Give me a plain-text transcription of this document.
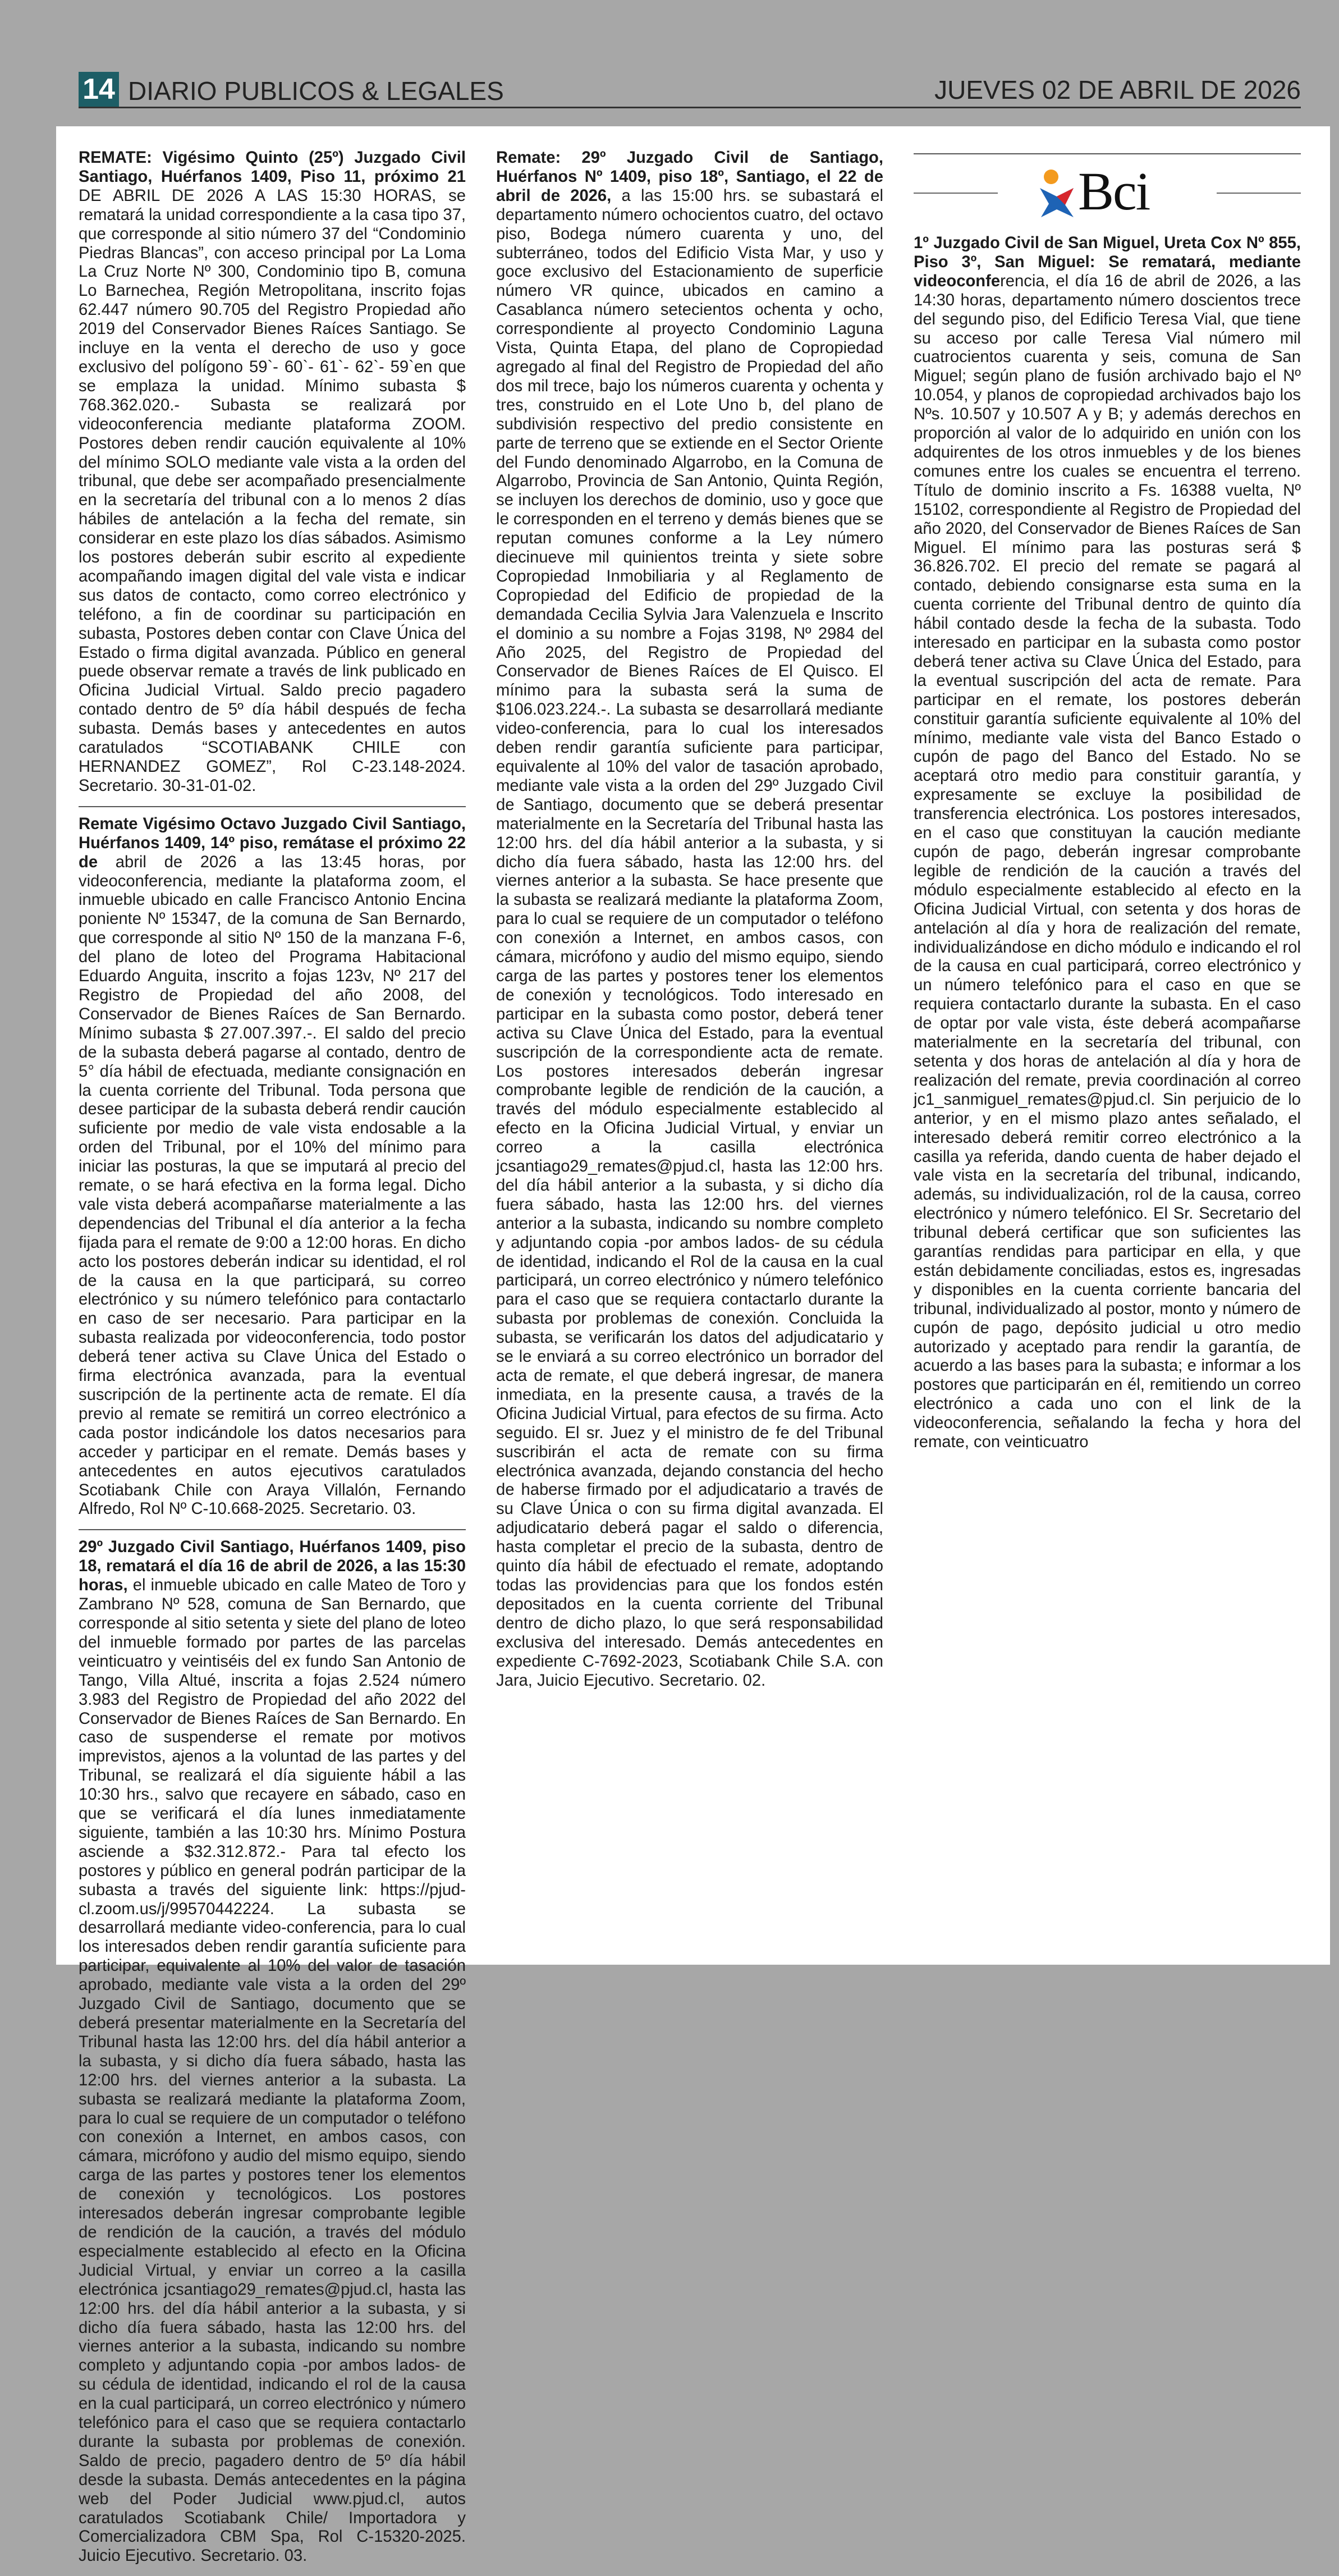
14 DIARIO PUBLICOS & LEGALES	JUEVES 02 DE ABRIL DE 2026

REMATE: Vigésimo Quinto (25º) Juzgado Civil Santiago, Huérfanos 1409, Piso 11, próximo 21 DE ABRIL DE 2026 A LAS 15:30 HORAS, se rematará la unidad correspondiente a la casa tipo 37, que corresponde al sitio número 37 del “Condominio Piedras Blancas”, con acceso principal por La Loma La Cruz Norte Nº 300, Condominio tipo B, comuna Lo Barnechea, Región Metropolitana, inscrito fojas 62.447 número 90.705 del Registro Propiedad año 2019 del Conservador Bienes Raíces Santiago. Se incluye en la venta el derecho de uso y goce exclusivo del polígono 59`- 60`- 61`- 62`- 59`en que se emplaza la unidad. Mínimo subasta $ 768.362.020.- Subasta se realizará por videoconferencia mediante plataforma ZOOM. Postores deben rendir caución equivalente al 10% del mínimo SOLO mediante vale vista a la orden del tribunal, que debe ser acompañado presencialmente en la secretaría del tribunal con a lo menos 2 días hábiles de antelación a la fecha del remate, sin considerar en este plazo los días sábados. Asimismo los postores deberán subir escrito al expediente acompañando imagen digital del vale vista e indicar sus datos de contacto, como correo electrónico y teléfono, a fin de coordinar su participación en subasta, Postores deben contar con Clave Única del Estado o firma digital avanzada. Público en general puede observar remate a través de link publicado en Oficina Judicial Virtual. Saldo precio pagadero contado dentro de 5º día hábil después de fecha subasta. Demás bases y antecedentes en autos caratulados “SCOTIABANK CHILE con HERNANDEZ GOMEZ”, Rol C-23.148-2024. Secretario. 30-31-01-02.

Remate Vigésimo Octavo Juzgado Civil Santiago, Huérfanos 1409, 14º piso, remátase el próximo 22 de abril de 2026 a las 13:45 horas, por videoconferencia, mediante la plataforma zoom, el inmueble ubicado en calle Francisco Antonio Encina poniente Nº 15347, de la comuna de San Bernardo, que corresponde al sitio Nº 150 de la manzana F-6, del plano de loteo del Programa Habitacional Eduardo Anguita, inscrito a fojas 123v, Nº 217 del Registro de Propiedad del año 2008, del Conservador de Bienes Raíces de San Bernardo. Mínimo subasta $ 27.007.397.-. El saldo del precio de la subasta deberá pagarse al contado, dentro de 5° día hábil de efectuada, mediante consignación en la cuenta corriente del Tribunal. Toda persona que desee participar de la subasta deberá rendir caución suficiente por medio de vale vista endosable a la orden del Tribunal, por el 10% del mínimo para iniciar las posturas, la que se imputará al precio del remate, o se hará efectiva en la forma legal. Dicho vale vista deberá acompañarse materialmente a las dependencias del Tribunal el día anterior a la fecha fijada para el remate de 9:00 a 12:00 horas. En dicho acto los postores deberán indicar su identidad, el rol de la causa en la que participará, su correo electrónico y su número telefónico para contactarlo en caso de ser necesario. Para participar en la subasta realizada por videoconferencia, todo postor deberá tener activa su Clave Única del Estado o firma electrónica avanzada, para la eventual suscripción de la pertinente acta de remate. El día previo al remate se remitirá un correo electrónico a cada postor indicándole los datos necesarios para acceder y participar en el remate. Demás bases y antecedentes en autos ejecutivos caratulados Scotiabank Chile con Araya Villalón, Fernando Alfredo, Rol Nº C-10.668-2025. Secretario. 03.

29º Juzgado Civil Santiago, Huérfanos 1409, piso 18, rematará el día 16 de abril de 2026, a las 15:30 horas, el inmueble ubicado en calle Mateo de Toro y Zambrano Nº 528, comuna de San Bernardo, que corresponde al sitio setenta y siete del plano de loteo del inmueble formado por partes de las parcelas veinticuatro y veintiséis del ex fundo San Antonio de Tango, Villa Altué, inscrita a fojas 2.524 número 3.983 del Registro de Propiedad del año 2022 del Conservador de Bienes Raíces de San Bernardo. En caso de suspenderse el remate por motivos imprevistos, ajenos a la voluntad de las partes y del Tribunal, se realizará el día siguiente hábil a las 10:30 hrs., salvo que recayere en sábado, caso en que se verificará el día lunes inmediatamente siguiente, también a las 10:30 hrs. Mínimo Postura asciende a $32.312.872.- Para tal efecto los postores y público en general podrán participar de la subasta a través del siguiente link: https://pjud-cl.zoom.us/j/99570442224. La subasta se desarrollará mediante video-conferencia, para lo cual los interesados deben rendir garantía suficiente para participar, equivalente al 10% del valor de tasación aprobado, mediante vale vista a la orden del 29º Juzgado Civil de Santiago, documento que se deberá presentar materialmente en la Secretaría del Tribunal hasta las 12:00 hrs. del día hábil anterior a la subasta, y si dicho día fuera sábado, hasta las 12:00 hrs. del viernes anterior a la subasta. La subasta se realizará mediante la plataforma Zoom, para lo cual se requiere de un computador o teléfono con conexión a Internet, en ambos casos, con cámara, micrófono y audio del mismo equipo, siendo carga de las partes y postores tener los elementos de conexión y tecnológicos. Los postores interesados deberán ingresar comprobante legible de rendición de la caución, a través del módulo especialmente establecido al efecto en la Oficina Judicial Virtual, y enviar un correo a la casilla electrónica jcsantiago29_remates@pjud.cl, hasta las 12:00 hrs. del día hábil anterior a la subasta, y si dicho día fuera sábado, hasta las 12:00 hrs. del viernes anterior a la subasta, indicando su nombre completo y adjuntando copia -por ambos lados- de su cédula de identidad, indicando el rol de la causa en la cual participará, un correo electrónico y número telefónico para el caso que se requiera contactarlo durante la subasta por problemas de conexión. Saldo de precio, pagadero dentro de 5º día hábil desde la subasta. Demás antecedentes en la página web del Poder Judicial www.pjud.cl, autos caratulados Scotiabank Chile/ Importadora y Comercializadora CBM Spa, Rol C-15320-2025. Juicio Ejecutivo. Secretario. 03.

Remate: 29º Juzgado Civil de Santiago, Huérfanos Nº 1409, piso 18º, Santiago, el 22 de abril de 2026, a las 15:00 hrs. se subastará el departamento número ochocientos cuatro, del octavo piso, Bodega número cuarenta y uno, del subterráneo, todos del Edificio Vista Mar, y uso y goce exclusivo del Estacionamiento de superficie número VR quince, ubicados en camino a Casablanca número setecientos ochenta y ocho, correspondiente al proyecto Condominio Laguna Vista, Quinta Etapa, del plano de Copropiedad agregado al final del Registro de Propiedad del año dos mil trece, bajo los números cuarenta y ochenta y tres, construido en el Lote Uno b, del plano de subdivisión respectivo del predio consistente en parte de terreno que se extiende en el Sector Oriente del Fundo denominado Algarrobo, en la Comuna de Algarrobo, Provincia de San Antonio, Quinta Región, se incluyen los derechos de dominio, uso y goce que le corresponden en el terreno y demás bienes que se reputan comunes conforme a la Ley número diecinueve mil quinientos treinta y siete sobre Copropiedad Inmobiliaria y al Reglamento de Copropiedad del Edificio de propiedad de la demandada Cecilia Sylvia Jara Valenzuela e Inscrito el dominio a su nombre a Fojas 3198, Nº 2984 del Año 2025, del Registro de Propiedad del Conservador de Bienes Raíces de El Quisco. El mínimo para la subasta será la suma de $106.023.224.-. La subasta se desarrollará mediante video-conferencia, para lo cual los interesados deben rendir garantía suficiente para participar, equivalente al 10% del valor de tasación aprobado, mediante vale vista a la orden del 29º Juzgado Civil de Santiago, documento que se deberá presentar materialmente en la Secretaría del Tribunal hasta las 12:00 hrs. del día hábil anterior a la subasta, y si dicho día fuera sábado, hasta las 12:00 hrs. del viernes anterior a la subasta. Se hace presente que la subasta se realizará mediante la plataforma Zoom, para lo cual se requiere de un computador o teléfono con conexión a Internet, en ambos casos, con cámara, micrófono y audio del mismo equipo, siendo carga de las partes y postores tener los elementos de conexión y tecnológicos. Todo interesado en participar en la subasta como postor, deberá tener activa su Clave Única del Estado, para la eventual suscripción de la correspondiente acta de remate. Los postores interesados deberán ingresar comprobante legible de rendición de la caución, a través del módulo especialmente establecido al efecto en la Oficina Judicial Virtual, y enviar un correo a la casilla electrónica jcsantiago29_remates@pjud.cl, hasta las 12:00 hrs. del día hábil anterior a la subasta, y si dicho día fuera sábado, hasta las 12:00 hrs. del viernes anterior a la subasta, indicando su nombre completo y adjuntando copia -por ambos lados- de su cédula de identidad, indicando el Rol de la causa en la cual participará, un correo electrónico y número telefónico para el caso que se requiera contactarlo durante la subasta por problemas de conexión. Concluida la subasta, se verificarán los datos del adjudicatario y se le enviará a su correo electrónico un borrador del acta de remate, el que deberá ingresar, de manera inmediata, en la presente causa, a través de la Oficina Judicial Virtual, para efectos de su firma. Acto seguido. El sr. Juez y el ministro de fe del Tribunal suscribirán el acta de remate con su firma electrónica avanzada, dejando constancia del hecho de haberse firmado por el adjudicatario a través de su Clave Única o con su firma digital avanzada. El adjudicatario deberá pagar el saldo o diferencia, hasta completar el precio de la subasta, dentro de quinto día hábil de efectuado el remate, adoptando todas las providencias para que los fondos estén depositados en la cuenta corriente del Tribunal dentro de dicho plazo, lo que será responsabilidad exclusiva del interesado. Demás antecedentes en expediente C-7692-2023, Scotiabank Chile S.A. con Jara, Juicio Ejecutivo. Secretario. 02.

Bci

1º Juzgado Civil de San Miguel, Ureta Cox Nº 855, Piso 3º, San Miguel: Se rematará, mediante videoconferencia, el día 16 de abril de 2026, a las 14:30 horas, departamento número doscientos trece del segundo piso, del Edificio Teresa Vial, que tiene su acceso por calle Teresa Vial número mil cuatrocientos cuarenta y seis, comuna de San Miguel; según plano de fusión archivado bajo el Nº 10.054, y planos de copropiedad archivados bajo los Nºs. 10.507 y 10.507 A y B; y además derechos en proporción al valor de lo adquirido en unión con los adquirentes de los otros inmuebles y de los bienes comunes entre los cuales se encuentra el terreno. Título de dominio inscrito a Fs. 16388 vuelta, Nº 15102, correspondiente al Registro de Propiedad del año 2020, del Conservador de Bienes Raíces de San Miguel. El mínimo para las posturas será $ 36.826.702. El precio del remate se pagará al contado, debiendo consignarse esta suma en la cuenta corriente del Tribunal dentro de quinto día hábil contado desde la fecha de la subasta. Todo interesado en participar en la subasta como postor deberá tener activa su Clave Única del Estado, para la eventual suscripción del acta de remate. Para participar en el remate, los postores deberán constituir garantía suficiente equivalente al 10% del mínimo, mediante vale vista del Banco Estado o cupón de pago del Banco del Estado. No se aceptará otro medio para constituir garantía, y expresamente se excluye la posibilidad de transferencia electrónica. Los postores interesados, en el caso que constituyan la caución mediante cupón de pago, deberán ingresar comprobante legible de rendición de la caución a través del módulo especialmente establecido al efecto en la Oficina Judicial Virtual, con setenta y dos horas de antelación al día y hora de realización del remate, individualizándose en dicho módulo e indicando el rol de la causa en cual participará, correo electrónico y un número telefónico para el caso en que se requiera contactarlo durante la subasta. En el caso de optar por vale vista, éste deberá acompañarse materialmente en la secretaría del tribunal, con setenta y dos horas de antelación al día y hora de realización del remate, previa coordinación al correo jc1_sanmiguel_remates@pjud.cl. Sin perjuicio de lo anterior, y en el mismo plazo antes señalado, el interesado deberá remitir correo electrónico a la casilla ya referida, dando cuenta de haber dejado el vale vista en la secretaría del tribunal, indicando, además, su individualización, rol de la causa, correo electrónico y número telefónico. El Sr. Secretario del tribunal deberá certificar que son suficientes las garantías rendidas para participar en ella, y que están debidamente conciliadas, estos es, ingresadas y disponibles en la cuenta corriente bancaria del tribunal, individualizado al postor, monto y número de cupón de pago, depósito judicial u otro medio autorizado y aceptado para rendir la garantía, de acuerdo a las bases para la subasta; e informar a los postores que participarán en él, remitiendo un correo electrónico a cada uno con el link de la videoconferencia, señalando la fecha y hora del remate, con veinticuatro
